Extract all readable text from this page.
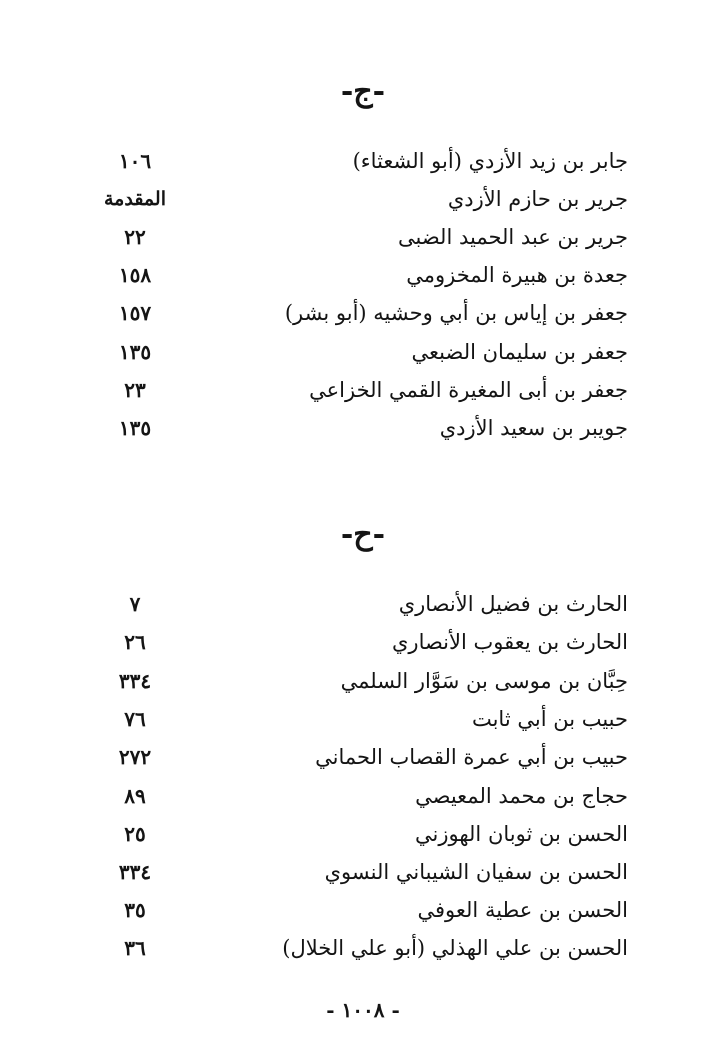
-ج-
جابر بن زيد الأزدي (أبو الشعثاء)
١٠٦
جرير بن حازم الأزدي
المقدمة
جرير بن عبد الحميد الضبى
٢٢
جعدة بن هبيرة المخزومي
١٥٨
جعفر بن إياس بن أبي وحشيه (أبو بشر)
١٥٧
جعفر بن سليمان الضبعي
١٣٥
جعفر بن أبى المغيرة القمي الخزاعي
٢٣
جويبر بن سعيد الأزدي
١٣٥
-ح-
الحارث بن فضيل الأنصاري
٧
الحارث بن يعقوب الأنصاري
٢٦
حِبَّان بن موسى بن سَوَّار السلمي
٣٣٤
حبيب بن أبي ثابت
٧٦
حبيب بن أبي عمرة القصاب الحماني
٢٧٢
حجاج بن محمد المعيصي
٨٩
الحسن بن ثوبان الهوزني
٢٥
الحسن بن سفيان الشيباني النسوي
٣٣٤
الحسن بن عطية العوفي
٣٥
الحسن بن علي الهذلي (أبو علي الخلال)
٣٦
- ١٠٠٨ -
